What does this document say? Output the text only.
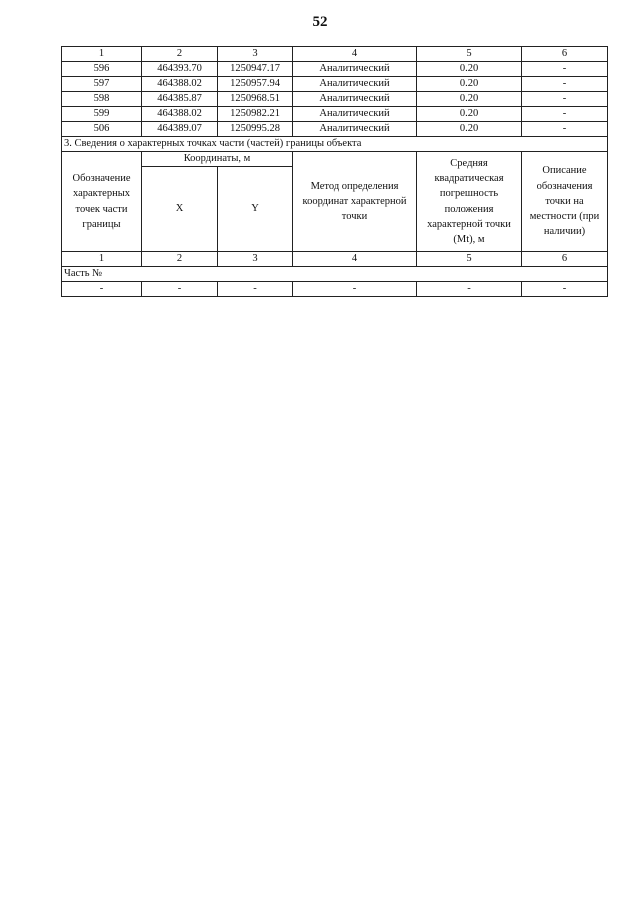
52
1	2	3	4	5	6
596	464393.70	1250947.17	Аналитический	0.20	-
597	464388.02	1250957.94	Аналитический	0.20	-
598	464385.87	1250968.51	Аналитический	0.20	-
599	464388.02	1250982.21	Аналитический	0.20	-
506	464389.07	1250995.28	Аналитический	0.20	-
3. Сведения о характерных точках части (частей) границы объекта					
Обозначение характерных точек части границы	Координаты, м		Метод определения координат характерной точки	Средняя квадратическая погрешность положения характерной точки (Mt), м	Описание обозначения точки на местности (при наличии)
	X	Y			
1	2	3	4	5	6
Часть №					
-	-	-	-	-	-
